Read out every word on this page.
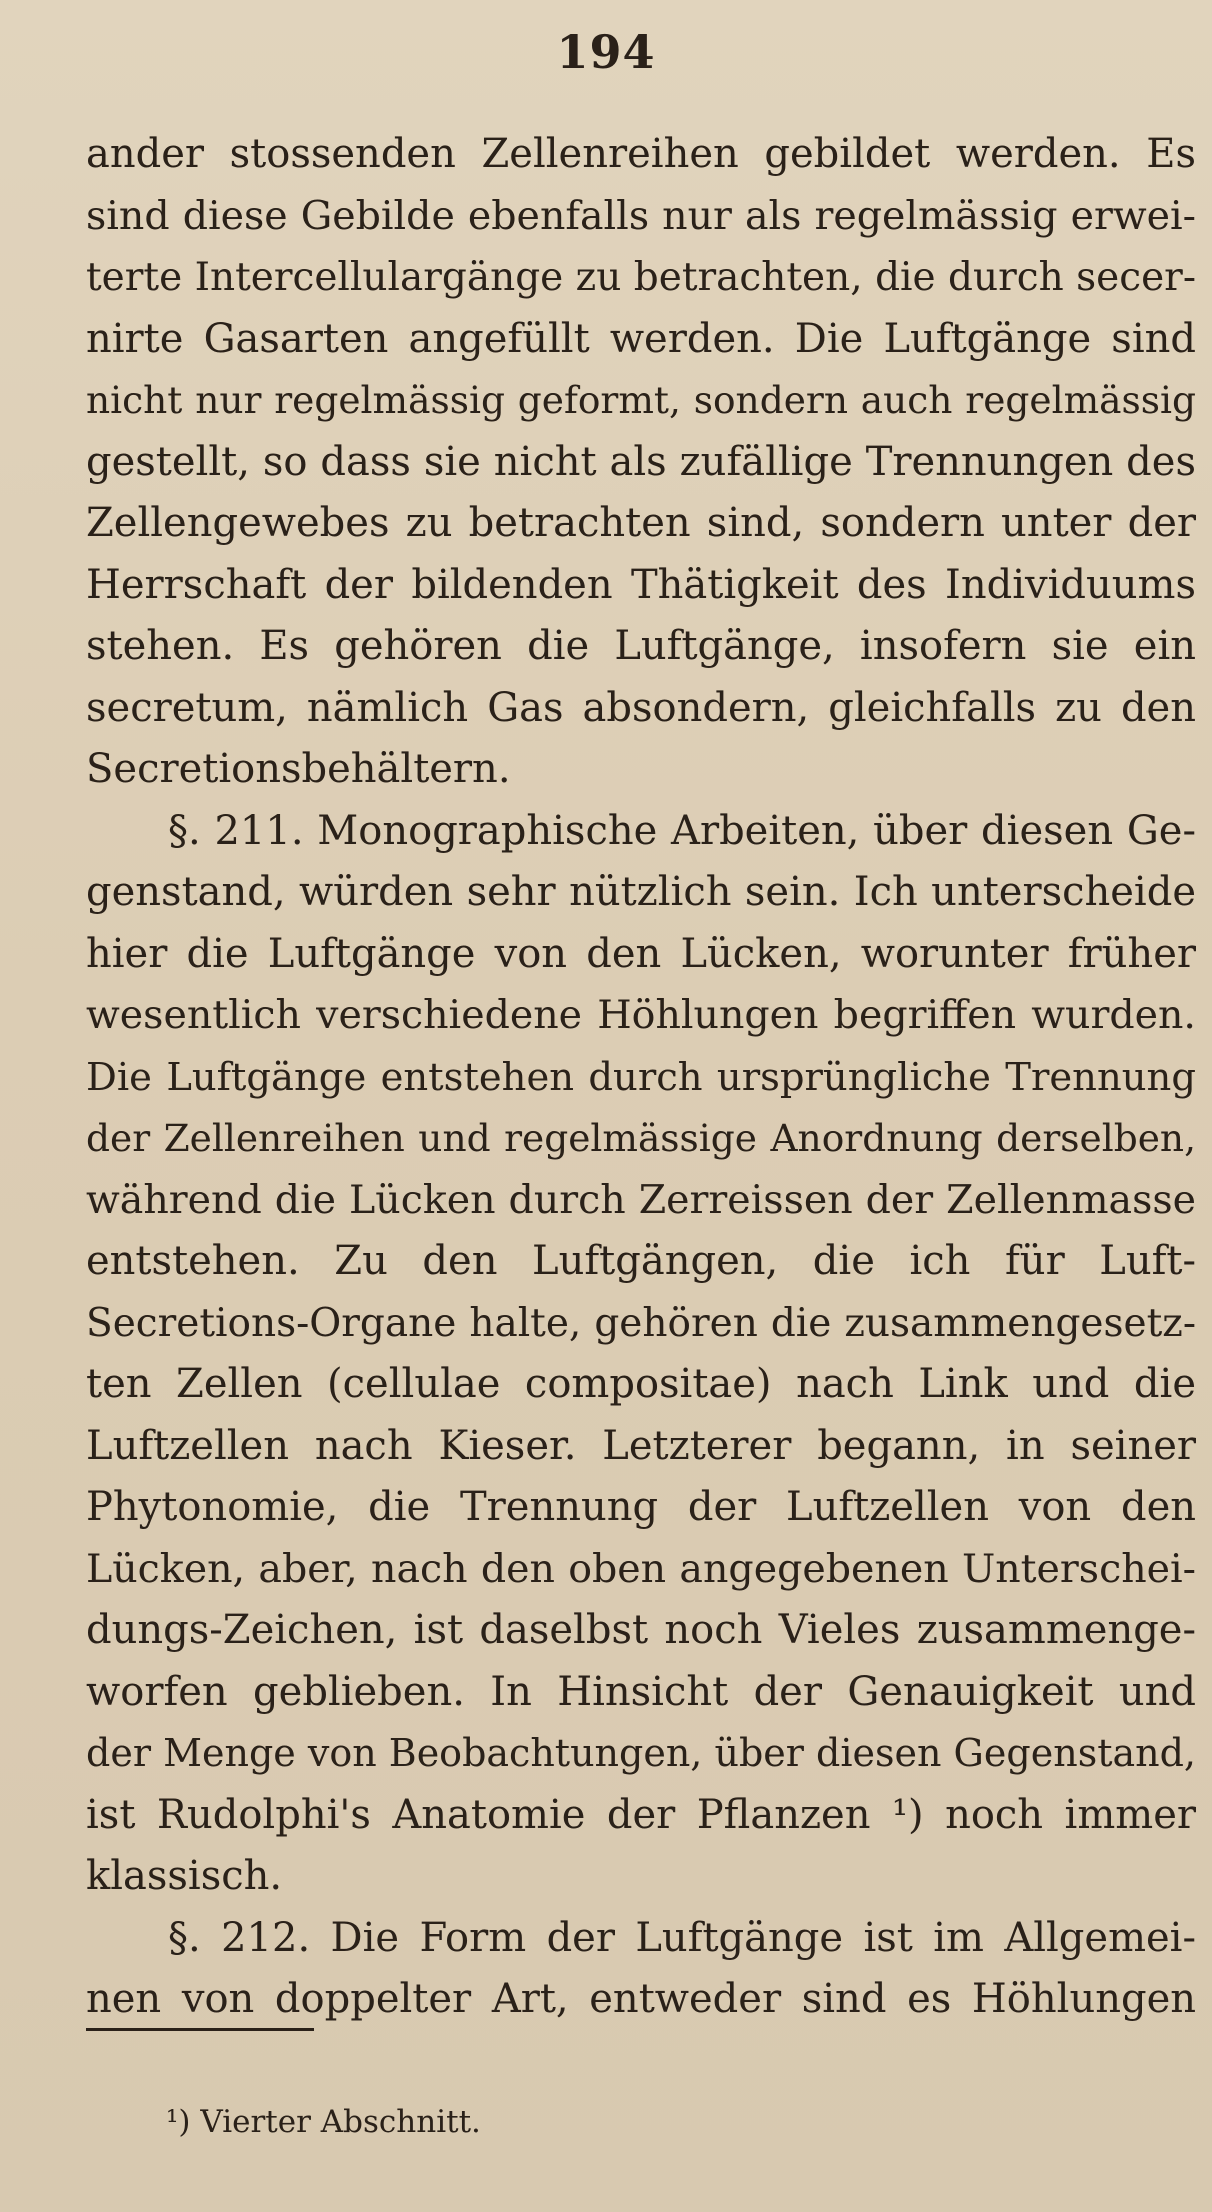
194
ander stossenden Zellenreihen gebildet werden. Es
sind diese Gebilde ebenfalls nur als regelmässig erwei-
terte Intercellulargänge zu betrachten, die durch secer-
nirte Gasarten angefüllt werden. Die Luftgänge sind
nicht nur regelmässig geformt, sondern auch regelmässig
gestellt, so dass sie nicht als zufällige Trennungen des
Zellengewebes zu betrachten sind, sondern unter der
Herrschaft der bildenden Thätigkeit des Individuums
stehen. Es gehören die Luftgänge, insofern sie ein
secretum, nämlich Gas absondern, gleichfalls zu den
Secretionsbehältern.
§. 211. Monographische Arbeiten, über diesen Ge-
genstand, würden sehr nützlich sein. Ich unterscheide
hier die Luftgänge von den Lücken, worunter früher
wesentlich verschiedene Höhlungen begriffen wurden.
Die Luftgänge entstehen durch ursprüngliche Trennung
der Zellenreihen und regelmässige Anordnung derselben,
während die Lücken durch Zerreissen der Zellenmasse
entstehen. Zu den Luftgängen, die ich für Luft-
Secretions-Organe halte, gehören die zusammengesetz-
ten Zellen (cellulae compositae) nach Link und die
Luftzellen nach Kieser. Letzterer begann, in seiner
Phytonomie, die Trennung der Luftzellen von den
Lücken, aber, nach den oben angegebenen Unterschei-
dungs-Zeichen, ist daselbst noch Vieles zusammenge-
worfen geblieben. In Hinsicht der Genauigkeit und
der Menge von Beobachtungen, über diesen Gegenstand,
ist Rudolphi's Anatomie der Pflanzen ¹) noch immer
klassisch.
§. 212. Die Form der Luftgänge ist im Allgemei-
nen von doppelter Art, entweder sind es Höhlungen
¹) Vierter Abschnitt.
